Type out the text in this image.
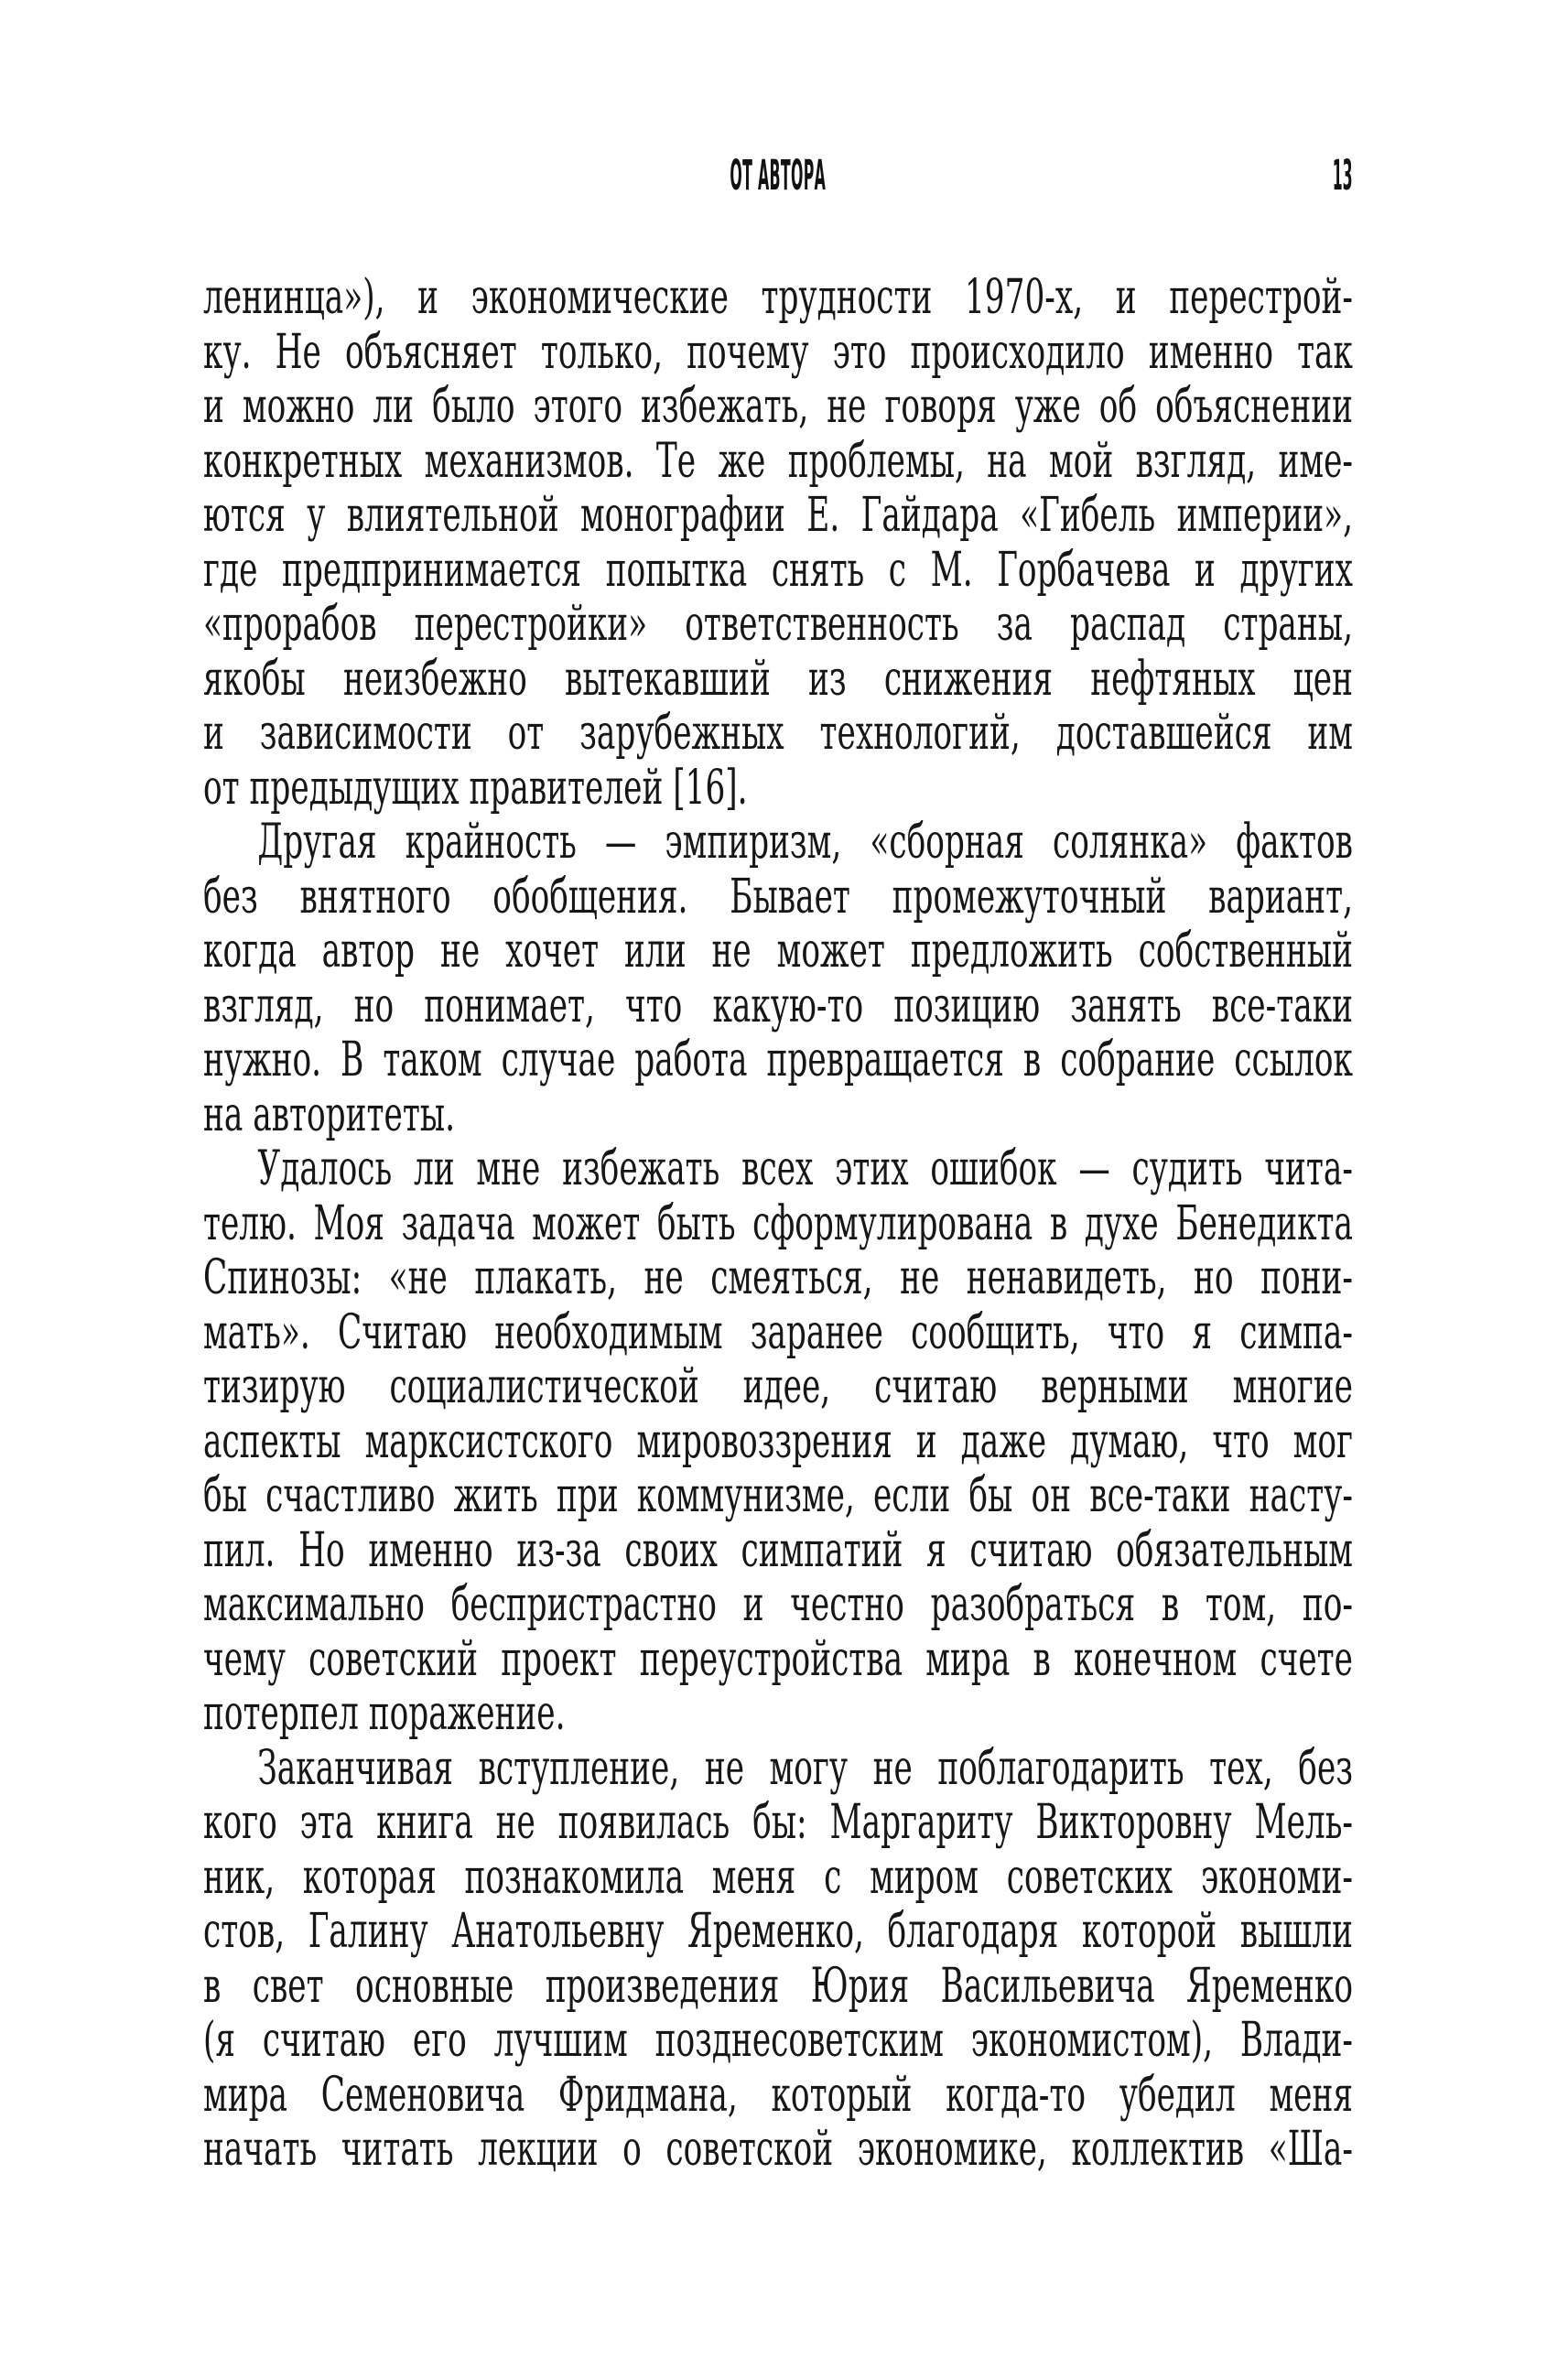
ОТ АВТОРА	13
ленинца»), и экономические трудности 1970-х, и перестрой-
ку. Не объясняет только, почему это происходило именно так
и можно ли было этого избежать, не говоря уже об объяснении
конкретных механизмов. Те же проблемы, на мой взгляд, име-
ются у влиятельной монографии Е. Гайдара «Гибель империи»,
где предпринимается попытка снять с М. Горбачева и других
«прорабов перестройки» ответственность за распад страны,
якобы неизбежно вытекавший из снижения нефтяных цен
и зависимости от зарубежных технологий, доставшейся им
от предыдущих правителей [16].
Другая крайность — эмпиризм, «сборная солянка» фактов
без внятного обобщения. Бывает промежуточный вариант,
когда автор не хочет или не может предложить собственный
взгляд, но понимает, что какую-то позицию занять все-таки
нужно. В таком случае работа превращается в собрание ссылок
на авторитеты.
Удалось ли мне избежать всех этих ошибок — судить чита-
телю. Моя задача может быть сформулирована в духе Бенедикта
Спинозы: «не плакать, не смеяться, не ненавидеть, но пони-
мать». Считаю необходимым заранее сообщить, что я симпа-
тизирую социалистической идее, считаю верными многие
аспекты марксистского мировоззрения и даже думаю, что мог
бы счастливо жить при коммунизме, если бы он все-таки насту-
пил. Но именно из-за своих симпатий я считаю обязательным
максимально беспристрастно и честно разобраться в том, по-
чему советский проект переустройства мира в конечном счете
потерпел поражение.
Заканчивая вступление, не могу не поблагодарить тех, без
кого эта книга не появилась бы: Маргариту Викторовну Мель-
ник, которая познакомила меня с миром советских экономи-
стов, Галину Анатольевну Яременко, благодаря которой вышли
в свет основные произведения Юрия Васильевича Яременко
(я считаю его лучшим позднесоветским экономистом), Влади-
мира Семеновича Фридмана, который когда-то убедил меня
начать читать лекции о советской экономике, коллектив «Ша-
